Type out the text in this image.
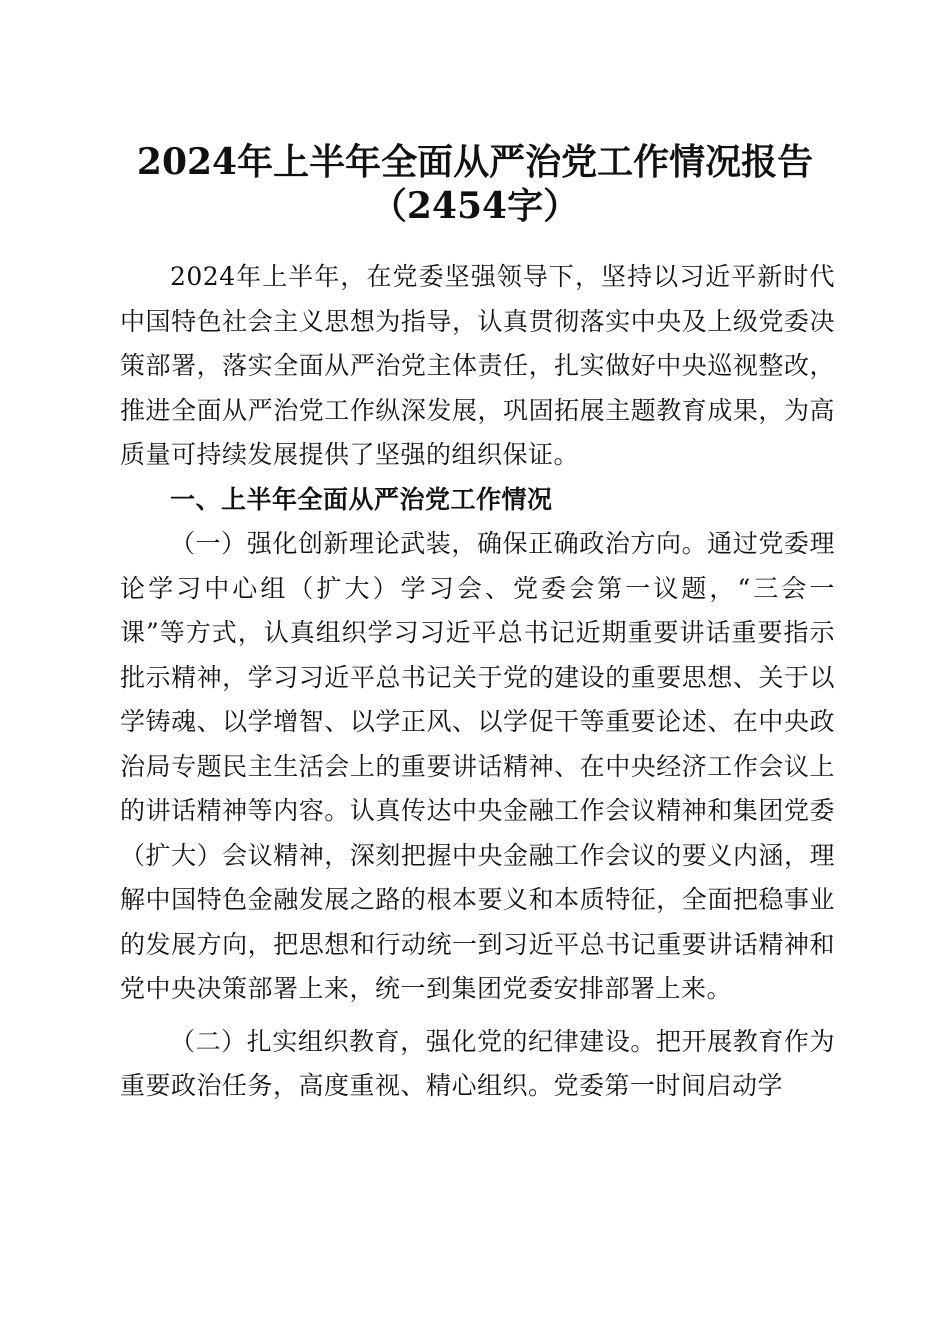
2024年上半年全面从严治党工作情况报告
（2454字）

2024年上半年，在党委坚强领导下，坚持以习近平新时代中国特色社会主义思想为指导，认真贯彻落实中央及上级党委决策部署，落实全面从严治党主体责任，扎实做好中央巡视整改，推进全面从严治党工作纵深发展，巩固拓展主题教育成果，为高质量可持续发展提供了坚强的组织保证。

一、上半年全面从严治党工作情况

（一）强化创新理论武装，确保正确政治方向。通过党委理论学习中心组（扩大）学习会、党委会第一议题，“三会一课”等方式，认真组织学习习近平总书记近期重要讲话重要指示批示精神，学习习近平总书记关于党的建设的重要思想、关于以学铸魂、以学增智、以学正风、以学促干等重要论述、在中央政治局专题民主生活会上的重要讲话精神、在中央经济工作会议上的讲话精神等内容。认真传达中央金融工作会议精神和集团党委（扩大）会议精神，深刻把握中央金融工作会议的要义内涵，理解中国特色金融发展之路的根本要义和本质特征，全面把稳事业的发展方向，把思想和行动统一到习近平总书记重要讲话精神和党中央决策部署上来，统一到集团党委安排部署上来。

（二）扎实组织教育，强化党的纪律建设。把开展教育作为重要政治任务，高度重视、精心组织。党委第一时间启动学
